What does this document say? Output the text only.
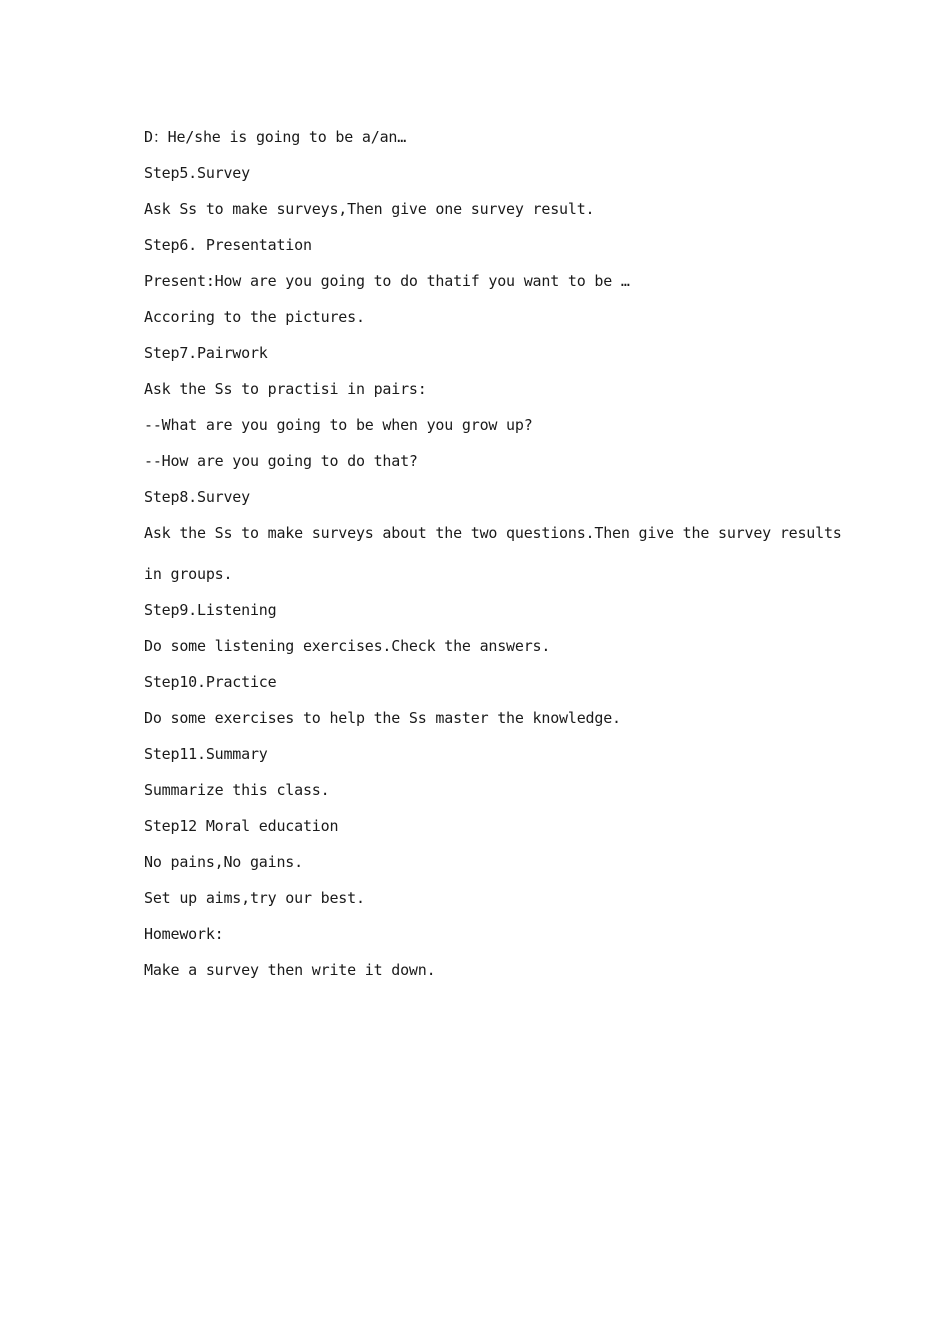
D：He/she is going to be a/an…
Step5.Survey
Ask Ss to make surveys,Then give one survey result.
Step6. Presentation
Present:How are you going to do thatif you want to be …
Accoring to the pictures.
Step7.Pairwork
Ask the Ss to practisi in pairs:
--What are you going to be when you grow up?
--How are you going to do that?
Step8.Survey
Ask the Ss to make surveys about the two questions.Then give the survey results
in groups.
Step9.Listening
Do some listening exercises.Check the answers.
Step10.Practice
Do some exercises to help the Ss master the knowledge.
Step11.Summary
Summarize this class.
Step12 Moral education
No pains,No gains.
Set up aims,try our best.
Homework:
Make a survey then write it down.
